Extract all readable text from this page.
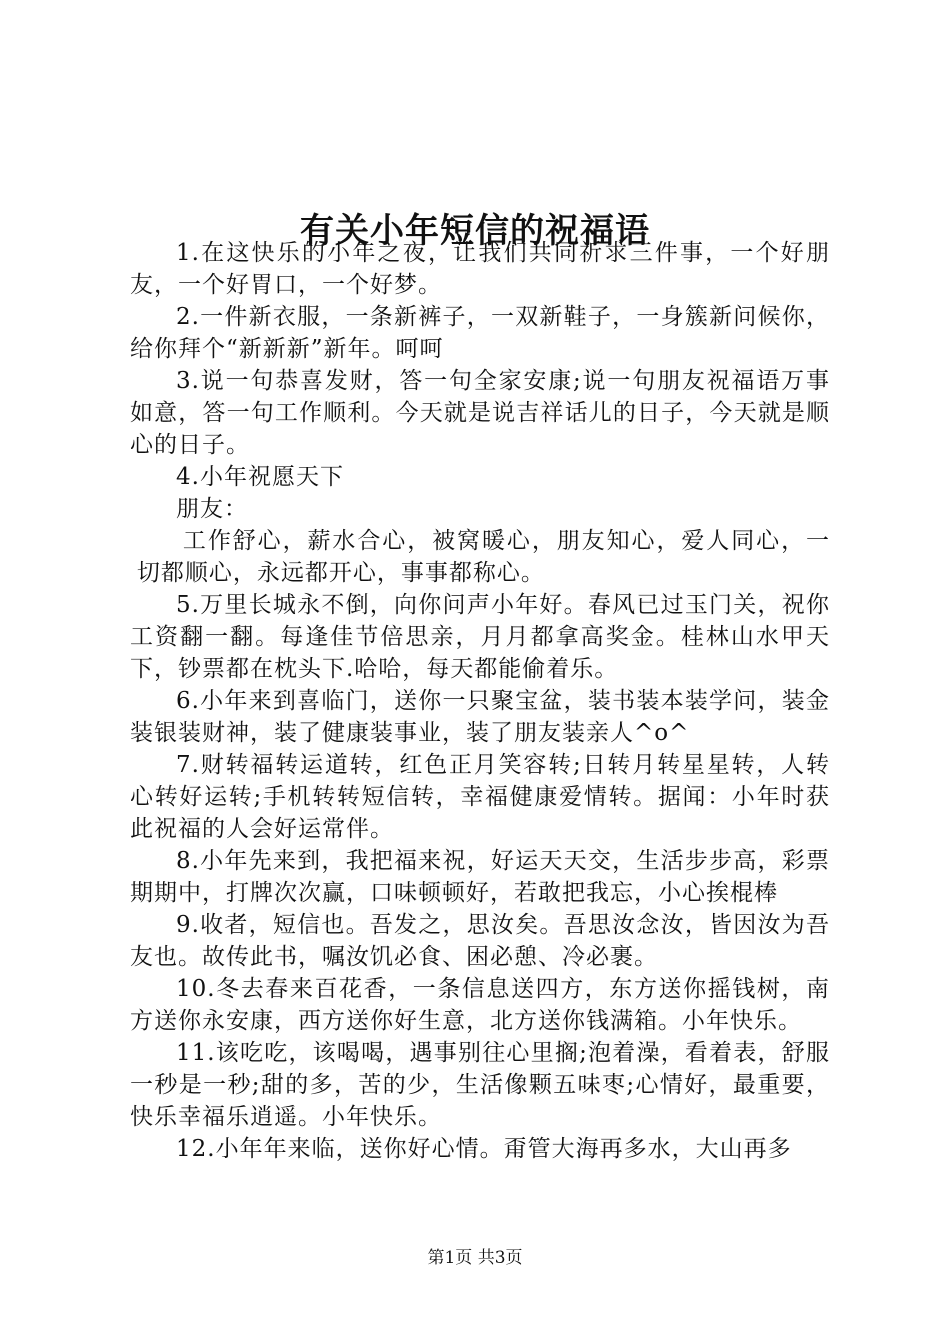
有关小年短信的祝福语

1.在这快乐的小年之夜，让我们共同祈求三件事，一个好朋友，一个好胃口，一个好梦。

2.一件新衣服，一条新裤子，一双新鞋子，一身簇新问候你，给你拜个“新新新”新年。呵呵

3.说一句恭喜发财，答一句全家安康;说一句朋友祝福语万事如意，答一句工作顺利。今天就是说吉祥话儿的日子，今天就是顺心的日子。

4.小年祝愿天下

朋友：

工作舒心，薪水合心，被窝暖心，朋友知心，爱人同心，一切都顺心，永远都开心，事事都称心。

5.万里长城永不倒，向你问声小年好。春风已过玉门关，祝你工资翻一翻。每逢佳节倍思亲，月月都拿高奖金。桂林山水甲天下，钞票都在枕头下.哈哈，每天都能偷着乐。

6.小年来到喜临门，送你一只聚宝盆，装书装本装学问，装金装银装财神，装了健康装事业，装了朋友装亲人^o^

7.财转福转运道转，红色正月笑容转;日转月转星星转，人转心转好运转;手机转转短信转，幸福健康爱情转。据闻：小年时获此祝福的人会好运常伴。

8.小年先来到，我把福来祝，好运天天交，生活步步高，彩票期期中，打牌次次赢，口味顿顿好，若敢把我忘，小心挨棍棒

9.收者，短信也。吾发之，思汝矣。吾思汝念汝，皆因汝为吾友也。故传此书，嘱汝饥必食、困必憩、冷必裹。

10.冬去春来百花香，一条信息送四方，东方送你摇钱树，南方送你永安康，西方送你好生意，北方送你钱满箱。小年快乐。

11.该吃吃，该喝喝，遇事别往心里搁;泡着澡，看着表，舒服一秒是一秒;甜的多，苦的少，生活像颗五味枣;心情好，最重要，快乐幸福乐逍遥。小年快乐。

12.小年年来临，送你好心情。甭管大海再多水，大山再多

第1页 共3页
